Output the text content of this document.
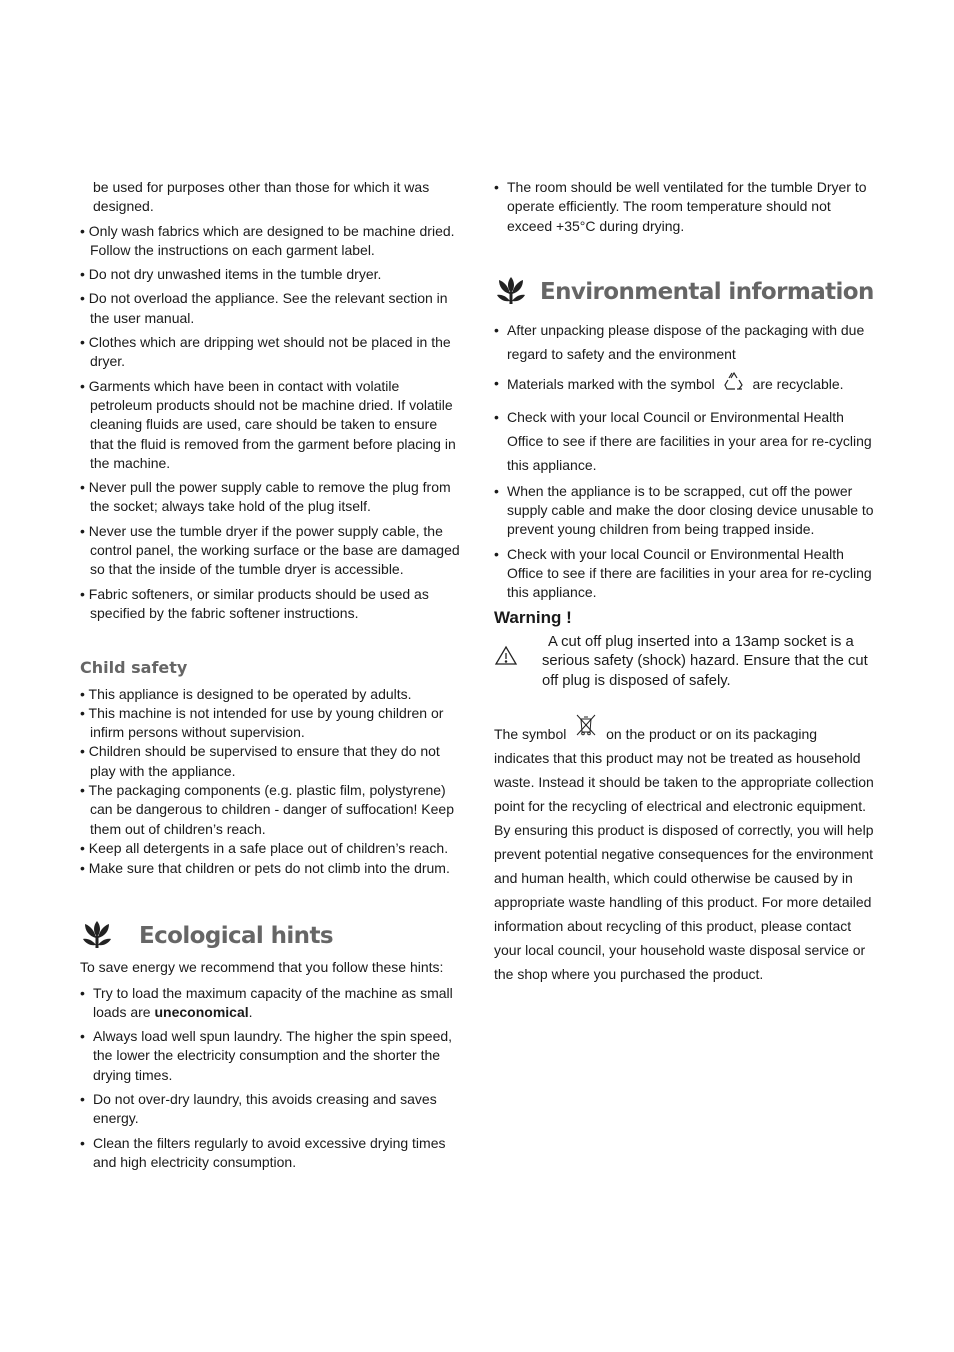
be used for purposes other than those for which it was designed.

• Only wash fabrics which are designed to be machine dried. Follow the instructions on each garment label.

• Do not dry unwashed items in the tumble dryer.

• Do not overload the appliance. See the relevant section in the user manual.

• Clothes which are dripping wet should not be placed in the dryer.

• Garments which have been in contact with volatile petroleum products should not be machine dried. If volatile cleaning fluids are used, care should be taken to ensure that the fluid is removed from the garment before placing in the machine.

• Never pull the power supply cable to remove the plug from the socket; always take hold of the plug itself.

• Never use the tumble dryer if the power supply cable, the control panel, the working surface or the base are damaged so that the inside of the tumble dryer is accessible.

• Fabric softeners, or similar products should be used as specified by the fabric softener instructions.

Child safety

• This appliance is designed to be operated by adults.

• This machine is not intended for use by young children or infirm persons without supervision.

• Children should be supervised to ensure that they do not play with the appliance.

• The packaging components (e.g. plastic film, polystyrene) can be dangerous to children - danger of suffocation! Keep them out of children’s reach.

• Keep all detergents in a safe place out of children’s reach.

• Make sure that children or pets do not climb into the drum.

Ecological hints

To save energy we recommend that you follow these hints:

• Try to load the maximum capacity of the machine as small loads are uneconomical.
• Always load well spun laundry. The higher the spin speed, the lower the electricity consumption and the shorter the drying times.
• Do not over-dry laundry, this avoids creasing and saves energy.
• Clean the filters regularly to avoid excessive drying times and high electricity consumption.
• The room should be well ventilated for the tumble Dryer to operate efficiently. The room temperature should not exceed +35°C during drying.
Environmental information
• After unpacking please dispose of the packaging with due regard to safety and the environment
• Materials marked with the symbol	are recyclable.
• Check with your local Council or Environmental Health Office to see if there are facilities in your area for re-cycling this appliance.
• When the appliance is to be scrapped, cut off the power supply cable and make the door closing device unusable to prevent young children from being trapped inside.
• Check with your local Council or Environmental Health Office to see if there are facilities in your area for re-cycling this appliance.
Warning !
A cut off plug inserted into a 13amp socket is a serious safety (shock) hazard. Ensure that the cut off plug is disposed of safely.

The symbol	on the product or on its packaging indicates that this product may not be treated as household waste. Instead it should be taken to the appropriate collection point for the recycling of electrical and electronic equipment. By ensuring this product is disposed of correctly, you will help prevent potential negative consequences for the environment and human health, which could otherwise be caused by in appropriate waste handling of this product. For more detailed information about recycling of this product, please contact your local council, your household waste disposal service or the shop where you purchased the product.
